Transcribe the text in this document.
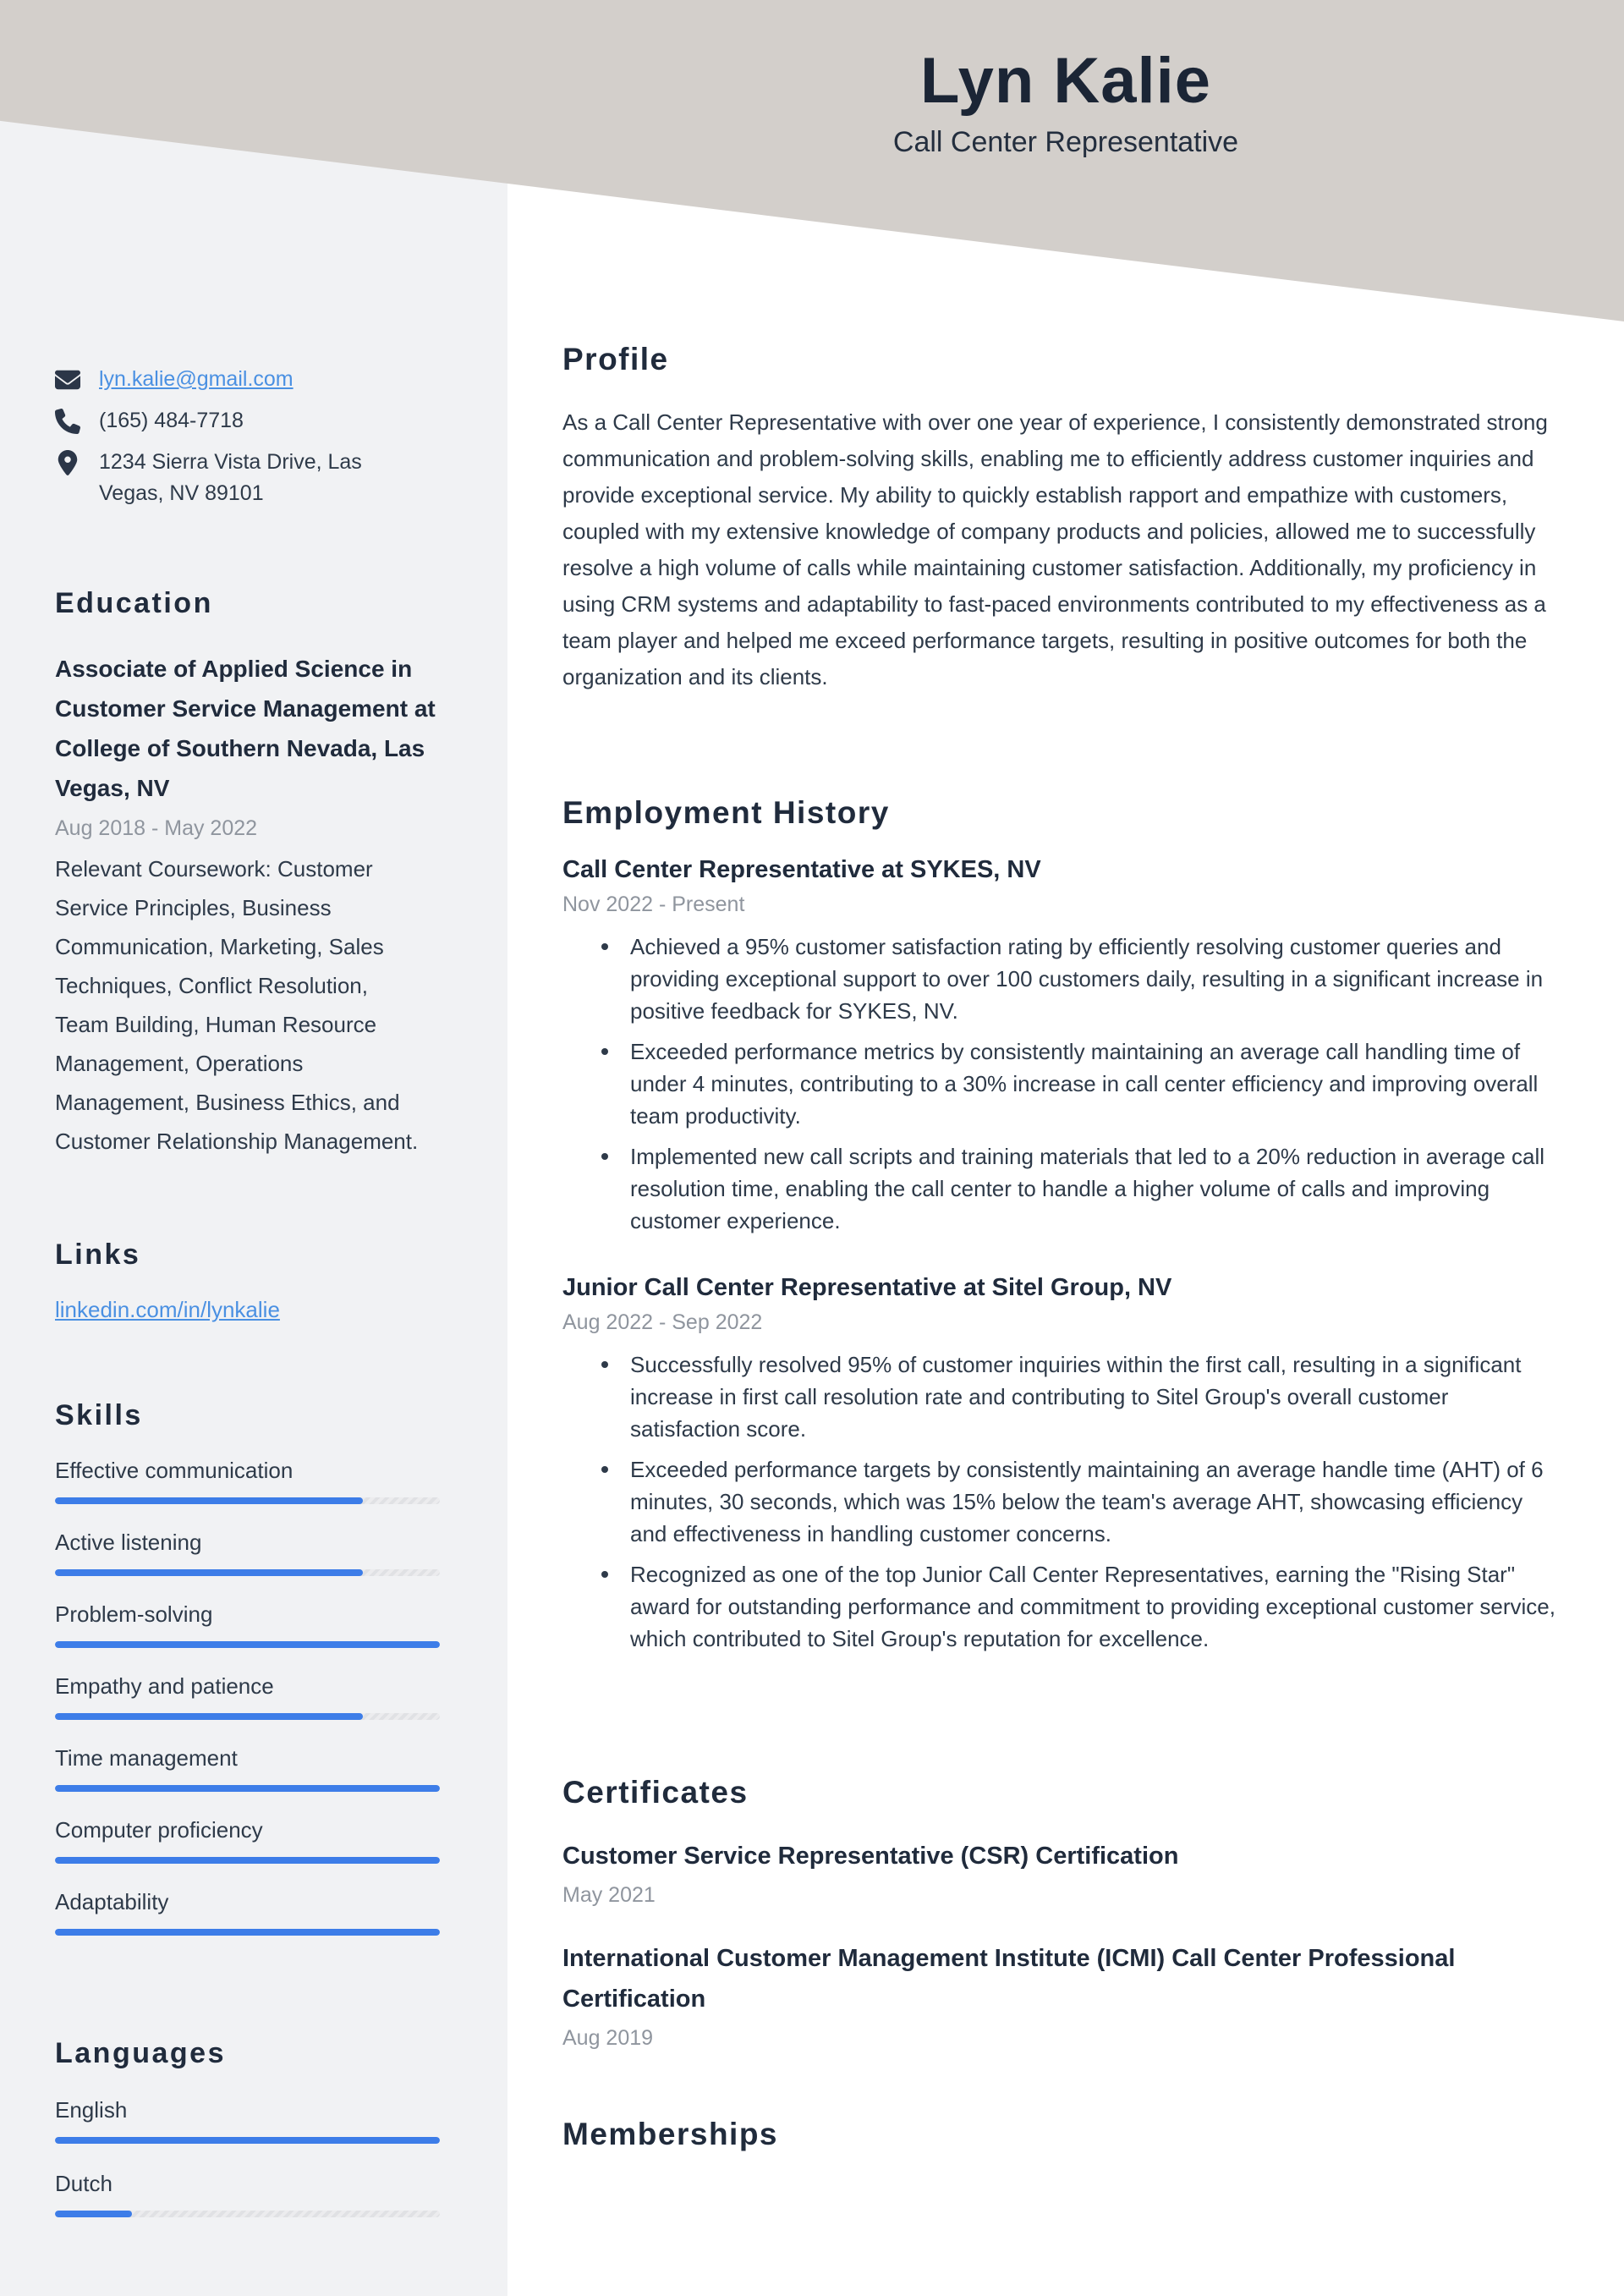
Lyn Kalie
Call Center Representative
lyn.kalie@gmail.com
(165) 484-7718
1234 Sierra Vista Drive, Las Vegas, NV 89101
Education
Associate of Applied Science in Customer Service Management at College of Southern Nevada, Las Vegas, NV
Aug 2018 - May 2022

Relevant Coursework: Customer Service Principles, Business Communication, Marketing, Sales Techniques, Conflict Resolution, Team Building, Human Resource Management, Operations Management, Business Ethics, and Customer Relationship Management.

Links
linkedin.com/in/lynkalie
Skills
Effective communication
Active listening
Problem-solving
Empathy and patience
Time management
Computer proficiency
Adaptability
Languages
English
Dutch
Profile

As a Call Center Representative with over one year of experience, I consistently demonstrated strong communication and problem-solving skills, enabling me to efficiently address customer inquiries and provide exceptional service. My ability to quickly establish rapport and empathize with customers, coupled with my extensive knowledge of company products and policies, allowed me to successfully resolve a high volume of calls while maintaining customer satisfaction. Additionally, my proficiency in using CRM systems and adaptability to fast-paced environments contributed to my effectiveness as a team player and helped me exceed performance targets, resulting in positive outcomes for both the organization and its clients.

Employment History
Call Center Representative at SYKES, NV
Nov 2022 - Present
Achieved a 95% customer satisfaction rating by efficiently resolving customer queries and providing exceptional support to over 100 customers daily, resulting in a significant increase in positive feedback for SYKES, NV.
Exceeded performance metrics by consistently maintaining an average call handling time of under 4 minutes, contributing to a 30% increase in call center efficiency and improving overall team productivity.
Implemented new call scripts and training materials that led to a 20% reduction in average call resolution time, enabling the call center to handle a higher volume of calls and improving customer experience.
Junior Call Center Representative at Sitel Group, NV
Aug 2022 - Sep 2022
Successfully resolved 95% of customer inquiries within the first call, resulting in a significant increase in first call resolution rate and contributing to Sitel Group's overall customer satisfaction score.
Exceeded performance targets by consistently maintaining an average handle time (AHT) of 6 minutes, 30 seconds, which was 15% below the team's average AHT, showcasing efficiency and effectiveness in handling customer concerns.
Recognized as one of the top Junior Call Center Representatives, earning the "Rising Star" award for outstanding performance and commitment to providing exceptional customer service, which contributed to Sitel Group's reputation for excellence.
Certificates
Customer Service Representative (CSR) Certification
May 2021
International Customer Management Institute (ICMI) Call Center Professional Certification
Aug 2019
Memberships
